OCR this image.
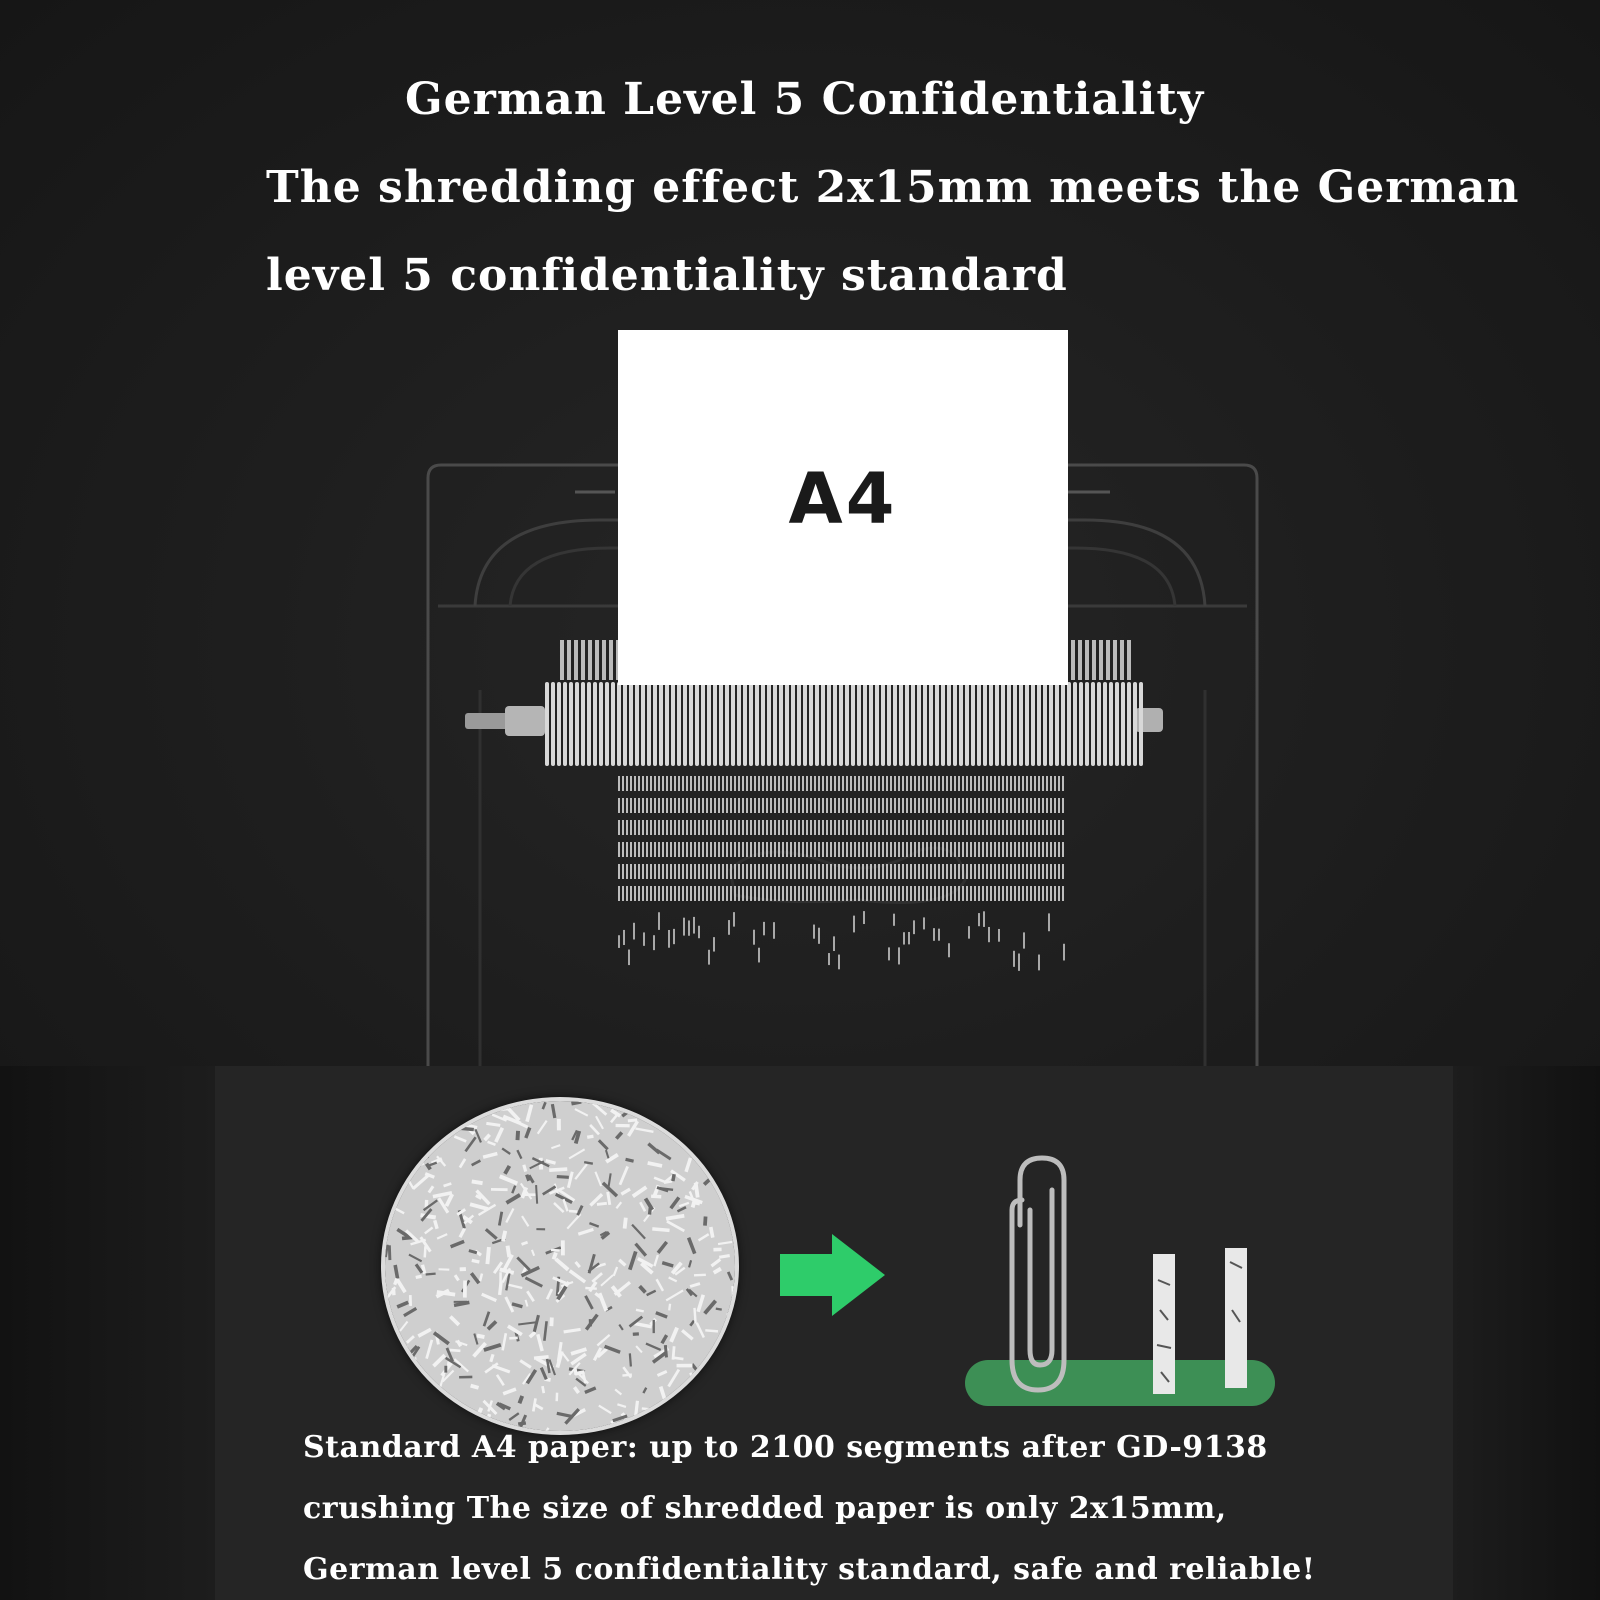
German Level 5 Confidentiality

The shredding effect 2x15mm meets the German

level 5 confidentiality standard

A4

Standard A4 paper: up to 2100 segments after GD-9138

crushing The size of shredded paper is only 2x15mm,

German level 5 confidentiality standard, safe and reliable!
